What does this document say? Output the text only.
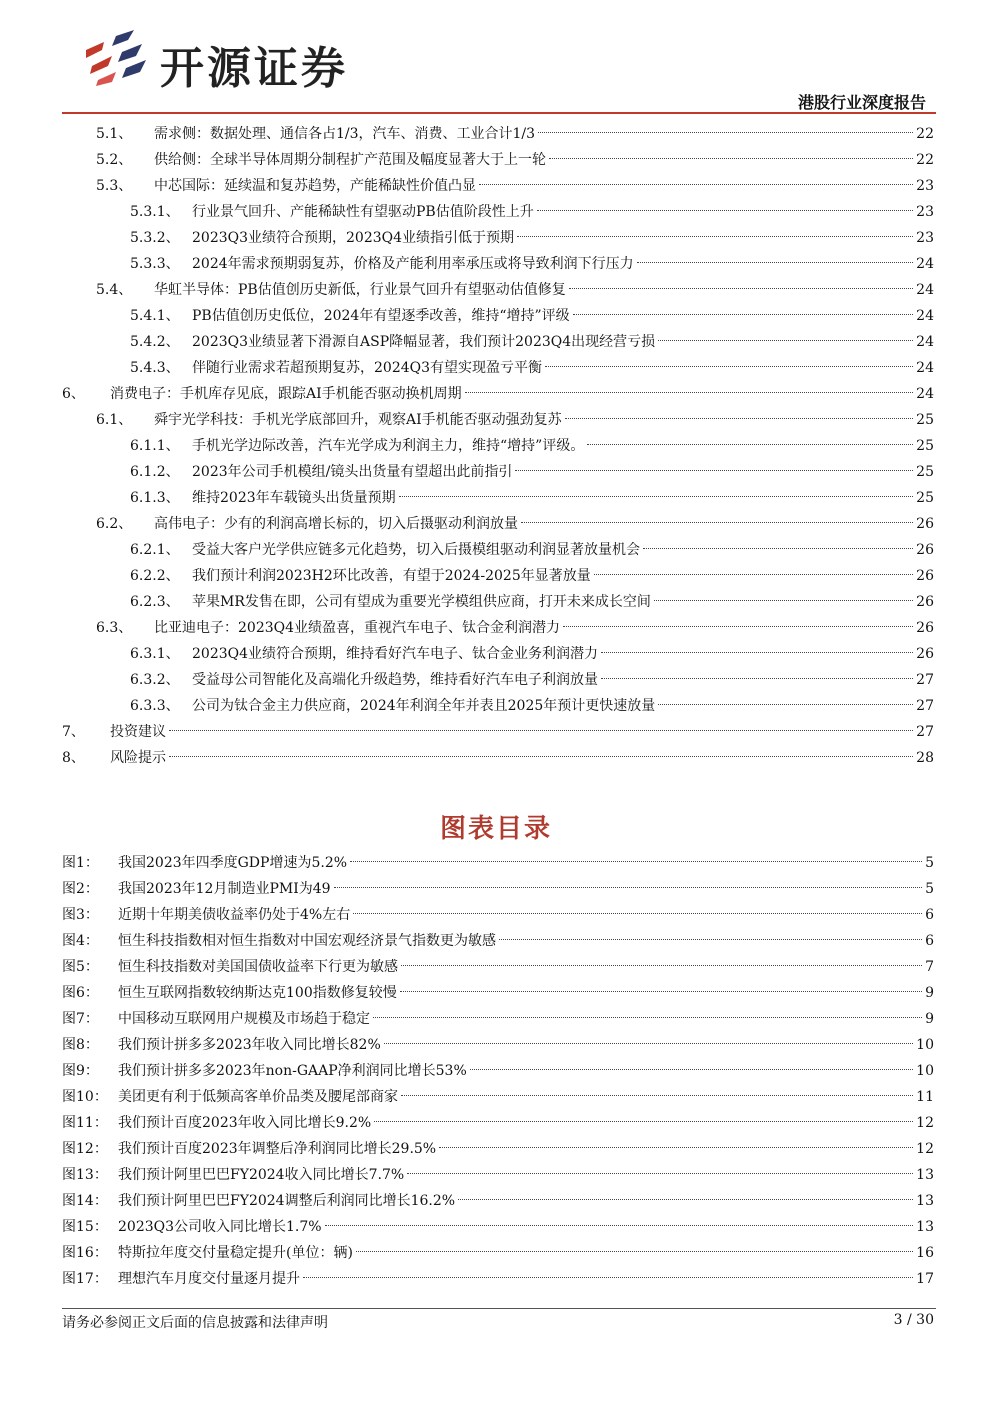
开源证券
港股行业深度报告
5.1、	需求侧：数据处理、通信各占1/3，汽车、消费、工业合计1/3	22
5.2、	供给侧：全球半导体周期分制程扩产范围及幅度显著大于上一轮	22
5.3、	中芯国际：延续温和复苏趋势，产能稀缺性价值凸显	23
5.3.1、 行业景气回升、产能稀缺性有望驱动PB估值阶段性上升	23
5.3.2、 2023Q3业绩符合预期，2023Q4业绩指引低于预期	23
5.3.3、 2024年需求预期弱复苏，价格及产能利用率承压或将导致利润下行压力	24
5.4、	华虹半导体：PB估值创历史新低，行业景气回升有望驱动估值修复	24
5.4.1、 PB估值创历史低位，2024年有望逐季改善，维持“增持”评级	24
5.4.2、 2023Q3业绩显著下滑源自ASP降幅显著，我们预计2023Q4出现经营亏损	24
5.4.3、 伴随行业需求若超预期复苏，2024Q3有望实现盈亏平衡	24
6、	消费电子：手机库存见底，跟踪AI手机能否驱动换机周期	24
6.1、	舜宇光学科技：手机光学底部回升，观察AI手机能否驱动强劲复苏	25
6.1.1、 手机光学边际改善，汽车光学成为利润主力，维持“增持”评级。	25
6.1.2、 2023年公司手机模组/镜头出货量有望超出此前指引	25
6.1.3、 维持2023年车载镜头出货量预期	25
6.2、	高伟电子：少有的利润高增长标的，切入后摄驱动利润放量	26
6.2.1、 受益大客户光学供应链多元化趋势，切入后摄模组驱动利润显著放量机会	26
6.2.2、 我们预计利润2023H2环比改善，有望于2024-2025年显著放量	26
6.2.3、 苹果MR发售在即，公司有望成为重要光学模组供应商，打开未来成长空间	26
6.3、	比亚迪电子：2023Q4业绩盈喜，重视汽车电子、钛合金利润潜力	26
6.3.1、 2023Q4业绩符合预期，维持看好汽车电子、钛合金业务利润潜力	26
6.3.2、 受益母公司智能化及高端化升级趋势，维持看好汽车电子利润放量	27
6.3.3、 公司为钛合金主力供应商，2024年利润全年并表且2025年预计更快速放量	27
7、	投资建议	27
8、	风险提示	28
图表目录
图1：	我国2023年四季度GDP增速为5.2%	5
图2：	我国2023年12月制造业PMI为49	5
图3：	近期十年期美债收益率仍处于4%左右	6
图4：	恒生科技指数相对恒生指数对中国宏观经济景气指数更为敏感	6
图5：	恒生科技指数对美国国债收益率下行更为敏感	7
图6：	恒生互联网指数较纳斯达克100指数修复较慢	9
图7：	中国移动互联网用户规模及市场趋于稳定	9
图8：	我们预计拼多多2023年收入同比增长82%	10
图9：	我们预计拼多多2023年non-GAAP净利润同比增长53%	10
图10： 美团更有利于低频高客单价品类及腰尾部商家	11
图11： 我们预计百度2023年收入同比增长9.2%	12
图12： 我们预计百度2023年调整后净利润同比增长29.5%	12
图13： 我们预计阿里巴巴FY2024收入同比增长7.7%	13
图14： 我们预计阿里巴巴FY2024调整后利润同比增长16.2%	13
图15： 2023Q3公司收入同比增长1.7%	13
图16： 特斯拉年度交付量稳定提升(单位：辆)	16
图17： 理想汽车月度交付量逐月提升	17
请务必参阅正文后面的信息披露和法律声明	3 / 30
